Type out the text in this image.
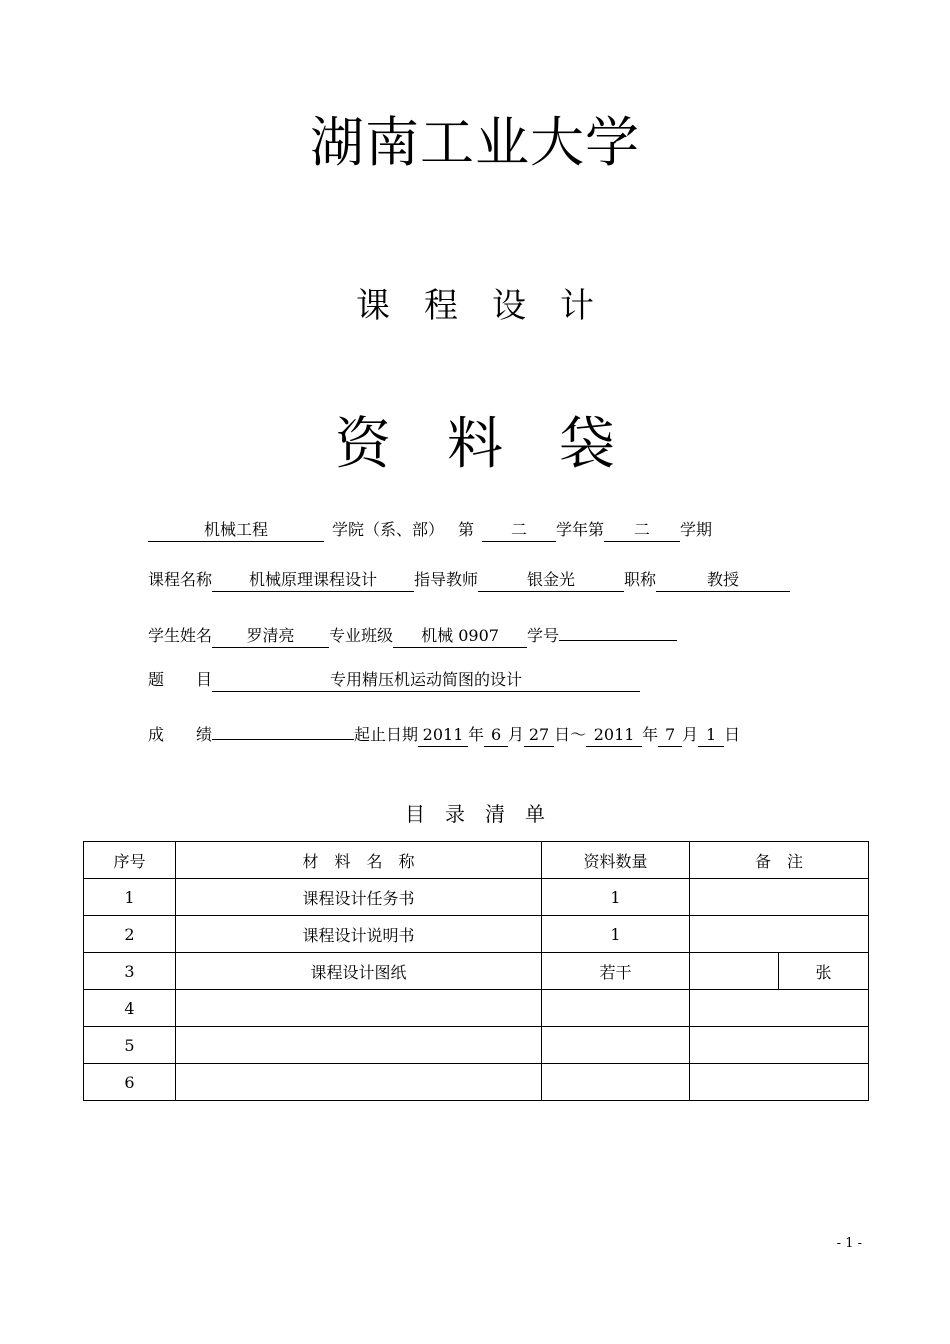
湖南工业大学
课　程　设　计
资　料　袋
机械工程	学院（系、部） 第 二 学年第 二 学期
课程名称 机械原理课程设计 指导教师	银金光	职称	教授
学生姓名 罗清亮 专业班级 机械 0907 学号
题　　目	专用精压机运动简图的设计
成　　绩	起止日期 2011 年 6 月 27 日～ 2011 年 7 月 1 日
目　录　清　单
序号	材　料　名　称	资料数量	备　注	
1	课程设计任务书	1		
2	课程设计说明书	1		
3	课程设计图纸	若干		张
4				
5				
6				
- 1 -
